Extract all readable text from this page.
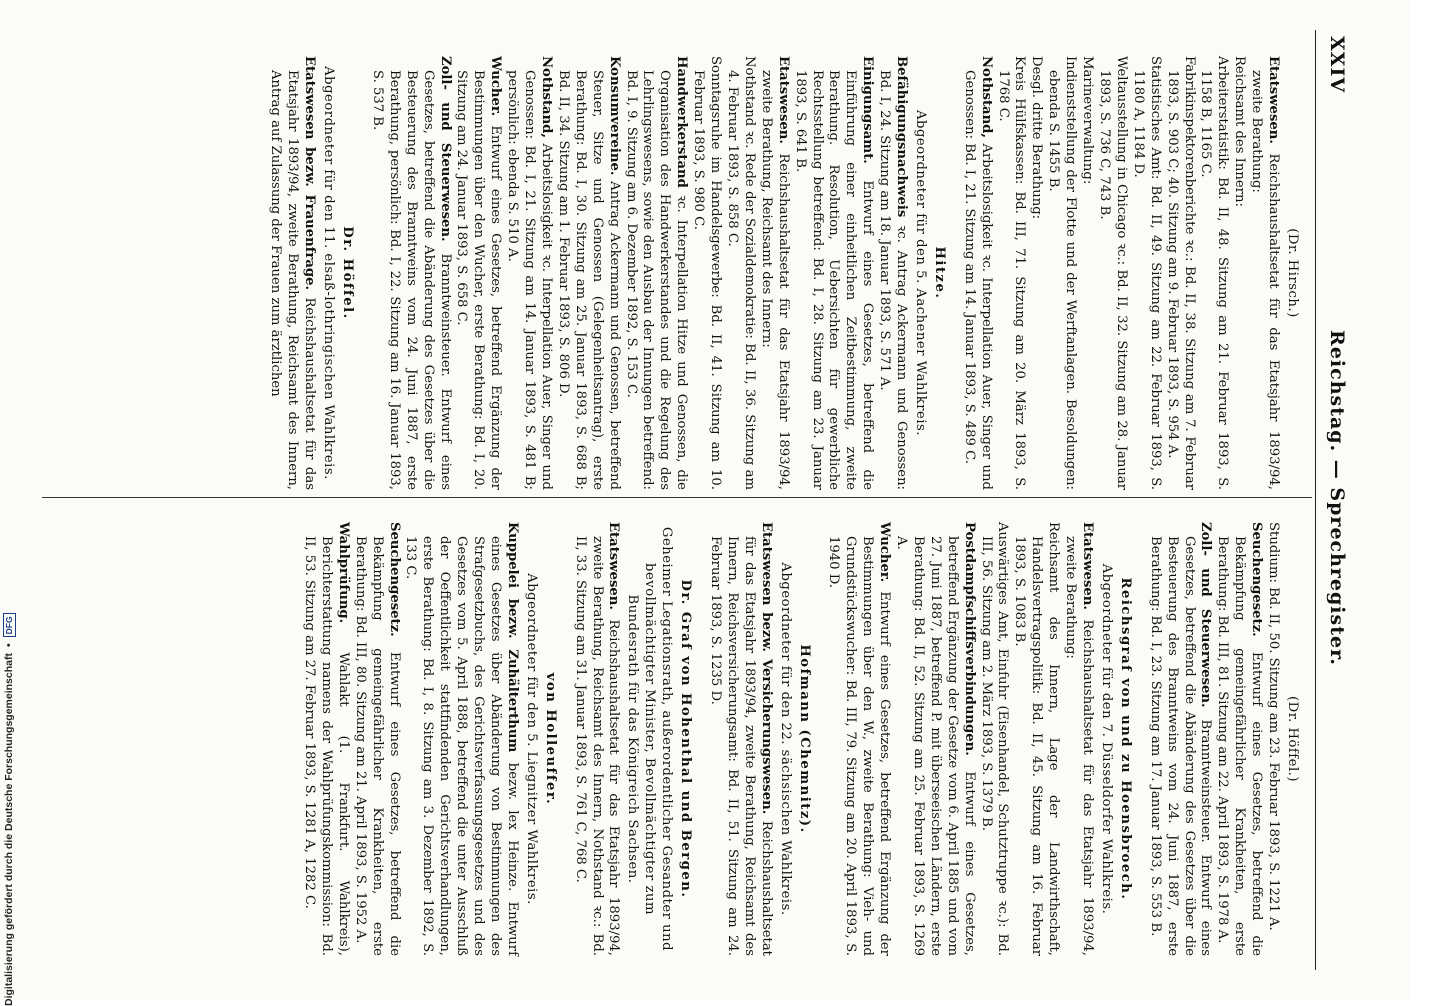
XXIV
Reichstag. — Sprechregister.

(Dr. Hirsch.)

Etatswesen. Reichshaushaltsetat für das Etatsjahr 1893/94, zweite Berathung:

Reichsamt des Innern:

Arbeiterstatistik: Bd. II, 48. Sitzung am 21. Februar 1893, S. 1158 B, 1165 C.

Fabrikinspektorenberichte ꝛc.: Bd. II, 38. Sitzung am 7. Februar 1893, S. 903 C; 40. Sitzung am 9. Februar 1893, S. 954 A.

Statistisches Amt: Bd. II, 49. Sitzung am 22. Februar 1893, S. 1180 A, 1184 D.

Weltausstellung in Chicago ꝛc.: Bd. II, 32. Sitzung am 28. Januar 1893, S. 736 C, 743 B.

Marineverwaltung:

Indienststellung der Flotte und der Werftanlagen. Besoldungen: ebenda S. 1455 B.

Desgl. dritte Berathung:

Kreis Hülfskassen: Bd. III, 71. Sitzung am 20. März 1893, S. 1768 C.

Nothstand, Arbeitslosigkeit ꝛc. Interpellation Auer, Singer und Genossen: Bd. I, 21. Sitzung am 14. Januar 1893, S. 489 C.

Hitze.

Abgeordneter für den 5. Aachener Wahlkreis.

Befähigungsnachweis ꝛc. Antrag Ackermann und Genossen: Bd. I, 24. Sitzung am 18. Januar 1893, S. 571 A.

Einigungsamt. Entwurf eines Gesetzes, betreffend die Einführung einer einheitlichen Zeitbestimmung, zweite Berathung. Resolution, Uebersichten für gewerbliche Rechtsstellung betreffend: Bd. I, 28. Sitzung am 23. Januar 1893, S. 641 B.

Etatswesen. Reichshaushaltsetat für das Etatsjahr 1893/94, zweite Berathung, Reichsamt des Innern:

Nothstand ꝛc. Rede der Sozialdemokratie: Bd. II, 36. Sitzung am 4. Februar 1893, S. 858 C.

Sonntagsruhe im Handelsgewerbe: Bd. II, 41. Sitzung am 10. Februar 1893, S. 980 C.

Handwerkerstand ꝛc. Interpellation Hitze und Genossen, die Organisation des Handwerkerstandes und die Regelung des Lehrlingswesens, sowie den Ausbau der Innungen betreffend: Bd. I, 9. Sitzung am 6. Dezember 1892, S. 153 C.

Konsumvereine. Antrag Ackermann und Genossen, betreffend Steuer, Sitze und Genossen (Gelegenheitsantrag), erste Berathung: Bd. I, 30. Sitzung am 25. Januar 1893, S. 688 B; Bd. II, 34. Sitzung am 1. Februar 1893, S. 806 D.

Nothstand, Arbeitslosigkeit ꝛc. Interpellation Auer, Singer und Genossen: Bd. I, 21. Sitzung am 14. Januar 1893, S. 481 B; persönlich: ebenda S. 510 A.

Wucher. Entwurf eines Gesetzes, betreffend Ergänzung der Bestimmungen über den Wucher, erste Berathung: Bd. I, 20. Sitzung am 24. Januar 1893, S. 658 C.

Zoll- und Steuerwesen. Branntweinsteuer. Entwurf eines Gesetzes, betreffend die Abänderung des Gesetzes über die Besteuerung des Branntweins vom 24. Juni 1887, erste Berathung, persönlich: Bd. I, 22. Sitzung am 16. Januar 1893, S. 537 B.

Dr. Höffel.

Abgeordneter für den 11. elsaß-lothringischen Wahlkreis.

Etatswesen bezw. Frauenfrage. Reichshaushaltsetat für das Etatsjahr 1893/94, zweite Berathung, Reichsamt des Innern, Antrag auf Zulassung der Frauen zum ärztlichen

(Dr. Höffel.)

Studium: Bd. II, 50. Sitzung am 23. Februar 1893, S. 1221 A.

Seuchengesetz. Entwurf eines Gesetzes, betreffend die Bekämpfung gemeingefährlicher Krankheiten, erste Berathung: Bd. III, 81. Sitzung am 22. April 1893, S. 1978 A.

Zoll- und Steuerwesen. Branntweinsteuer. Entwurf eines Gesetzes, betreffend die Abänderung des Gesetzes über die Besteuerung des Branntweins vom 24. Juni 1887, erste Berathung: Bd. I, 23. Sitzung am 17. Januar 1893, S. 553 B.

Reichsgraf von und zu Hoensbroech.

Abgeordneter für den 7. Düsseldorfer Wahlkreis.

Etatswesen. Reichshaushaltsetat für das Etatsjahr 1893/94, zweite Berathung:

Reichsamt des Innern, Lage der Landwirthschaft, Handelsvertragspolitik: Bd. II, 45. Sitzung am 16. Februar 1893, S. 1083 B.

Auswärtiges Amt, Einfuhr (Eisenhandel, Schutztruppe ꝛc.): Bd. III, 56. Sitzung am 2. März 1893, S. 1379 B.

Postdampfschiffsverbindungen. Entwurf eines Gesetzes, betreffend Ergänzung der Gesetze vom 6. April 1885 und vom 27. Juni 1887, betreffend P. mit überseeischen Ländern, erste Berathung: Bd. II, 52. Sitzung am 25. Februar 1893, S. 1269 A.

Wucher. Entwurf eines Gesetzes, betreffend Ergänzung der Bestimmungen über den W., zweite Berathung: Vieh- und Grundstückswucher: Bd. III, 79. Sitzung am 20. April 1893, S. 1940 D.

Hofmann (Chemnitz).

Abgeordneter für den 22. sächsischen Wahlkreis.

Etatswesen bezw. Versicherungswesen. Reichshaushaltsetat für das Etatsjahr 1893/94, zweite Berathung, Reichsamt des Innern, Reichsversicherungsamt: Bd. II, 51. Sitzung am 24. Februar 1893, S. 1235 D.

Dr. Graf von Hohenthal und Bergen.

Geheimer Legationsrath, außerordentlicher Gesandter und bevollmächtigter Minister, Bevollmächtigter zum Bundesrath für das Königreich Sachsen.

Etatswesen. Reichshaushaltsetat für das Etatsjahr 1893/94, zweite Berathung, Reichsamt des Innern, Nothstand ꝛc.: Bd. II, 33. Sitzung am 31. Januar 1893, S. 761 C, 768 C.

von Holleuffer.

Abgeordneter für den 5. Liegnitzer Wahlkreis.

Kuppelei bezw. Zuhälterthum bezw. lex Heinze. Entwurf eines Gesetzes über Abänderung von Bestimmungen des Strafgesetzbuchs, des Gerichtsverfassungsgesetzes und des Gesetzes vom 5. April 1888, betreffend die unter Ausschluß der Oeffentlichkeit stattfindenden Gerichtsverhandlungen, erste Berathung: Bd. I, 8. Sitzung am 3. Dezember 1892, S. 133 C.

Seuchengesetz. Entwurf eines Gesetzes, betreffend die Bekämpfung gemeingefährlicher Krankheiten, erste Berathung: Bd. III, 80. Sitzung am 21. April 1893, S. 1952 A.

Wahlprüfung. Wahlakt (1. Frankfurt. Wahlkreis), Berichterstattung namens der Wahlprüfungskommission: Bd. II, 53. Sitzung am 27. Februar 1893, S. 1281 A, 1282 C.

Digitalisierung gefördert durch die Deutsche Forschungsgemeinschaft
•
DFG
